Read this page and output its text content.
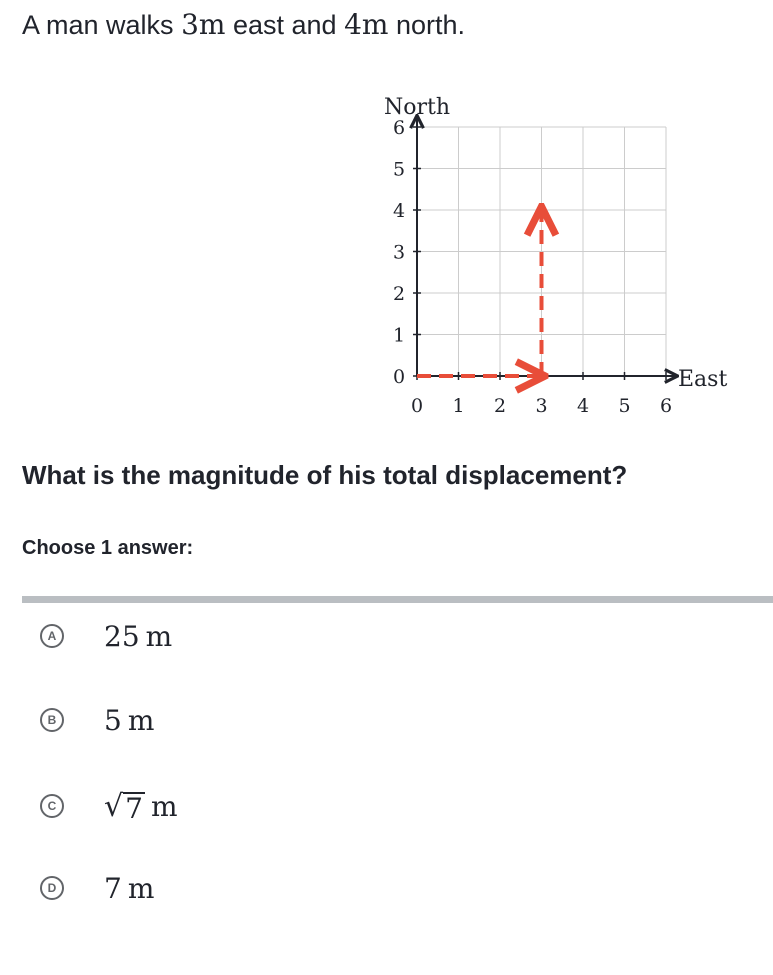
A man walks 3m east and 4m north.
0 1 2 3 4 5 6
0
1
2
3
4
5
6
North
East
What is the magnitude of his total displacement?
Choose 1 answer:
A 25 m
B 5 m
C √ 7 m
D 7 m
